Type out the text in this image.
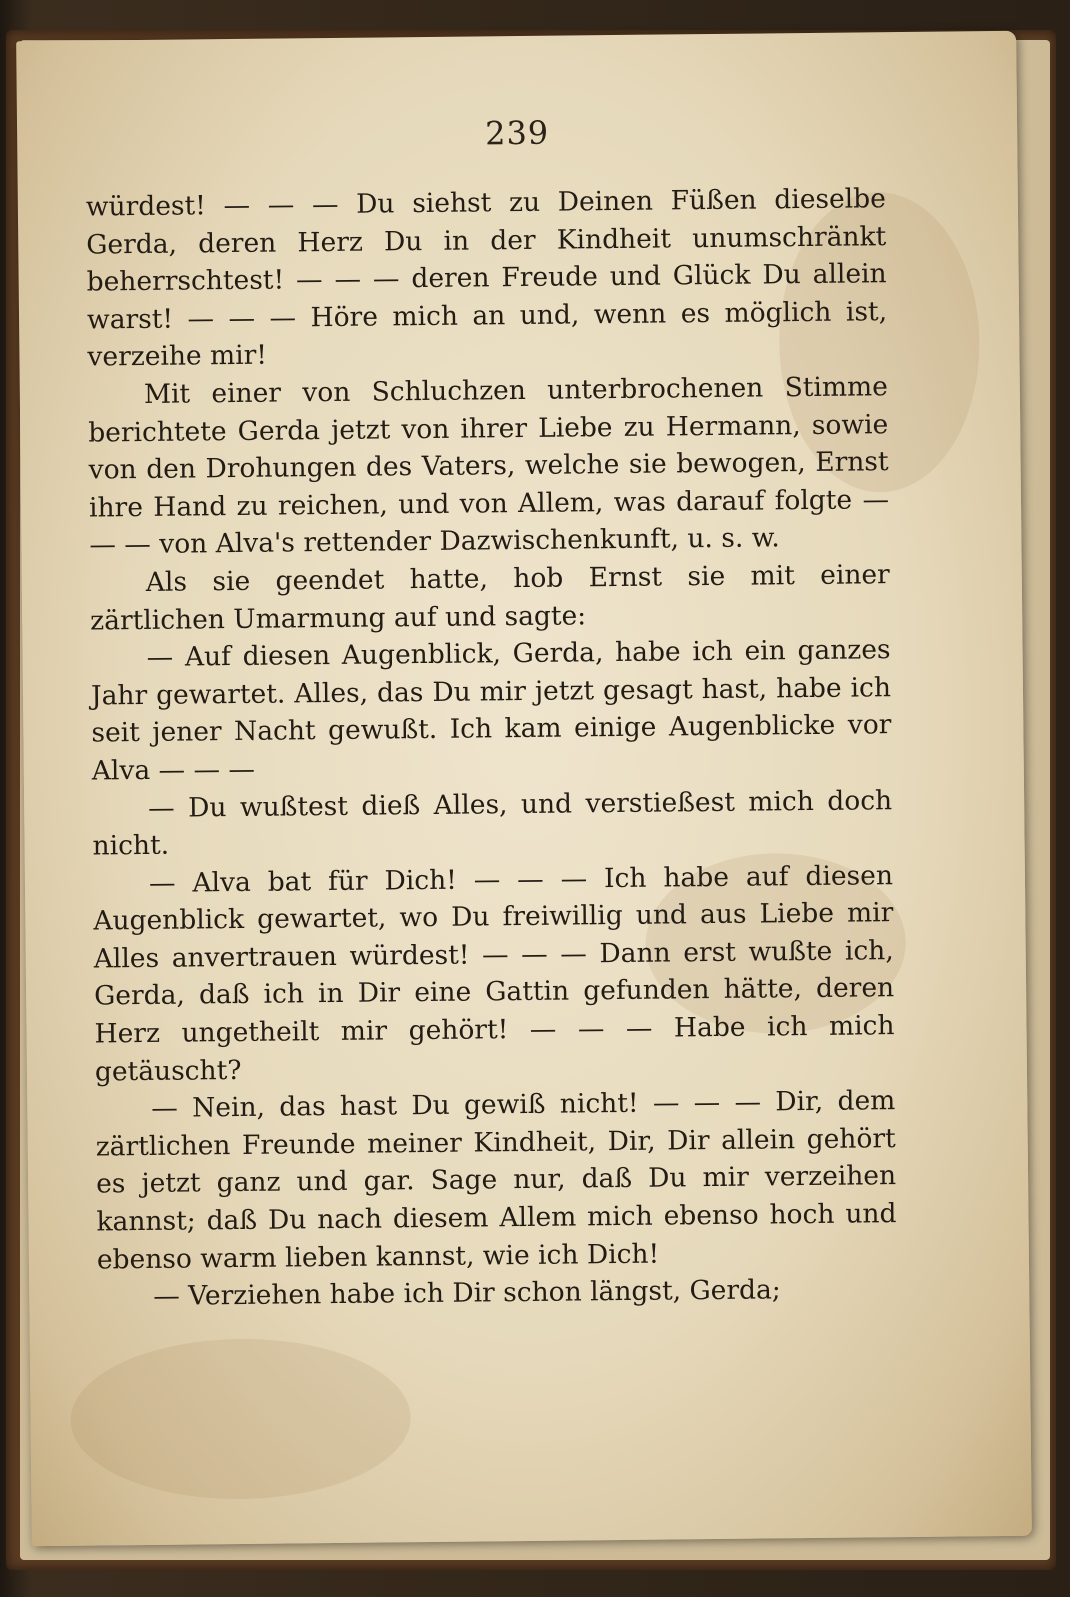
239

würdest! — — — Du siehst zu Deinen Füßen dieselbe Gerda, deren Herz Du in der Kindheit unumschränkt beherrschtest! — — — deren Freude und Glück Du allein warst! — — — Höre mich an und, wenn es möglich ist, verzeihe mir!

Mit einer von Schluchzen unterbrochenen Stimme berichtete Gerda jetzt von ihrer Liebe zu Hermann, sowie von den Drohungen des Vaters, welche sie bewogen, Ernst ihre Hand zu reichen, und von Allem, was darauf folgte — — — von Alva's rettender Dazwischenkunft, u. s. w.

Als sie geendet hatte, hob Ernst sie mit einer zärtlichen Umarmung auf und sagte:

— Auf diesen Augenblick, Gerda, habe ich ein ganzes Jahr gewartet. Alles, das Du mir jetzt gesagt hast, habe ich seit jener Nacht gewußt. Ich kam einige Augenblicke vor Alva — — —

— Du wußtest dieß Alles, und verstießest mich doch nicht.

— Alva bat für Dich! — — — Ich habe auf diesen Augenblick gewartet, wo Du freiwillig und aus Liebe mir Alles anvertrauen würdest! — — — Dann erst wußte ich, Gerda, daß ich in Dir eine Gattin gefunden hätte, deren Herz ungetheilt mir gehört! — — — Habe ich mich getäuscht?

— Nein, das hast Du gewiß nicht! — — — Dir, dem zärtlichen Freunde meiner Kindheit, Dir, Dir allein gehört es jetzt ganz und gar. Sage nur, daß Du mir verzeihen kannst; daß Du nach diesem Allem mich ebenso hoch und ebenso warm lieben kannst, wie ich Dich!

— Verziehen habe ich Dir schon längst, Gerda;
